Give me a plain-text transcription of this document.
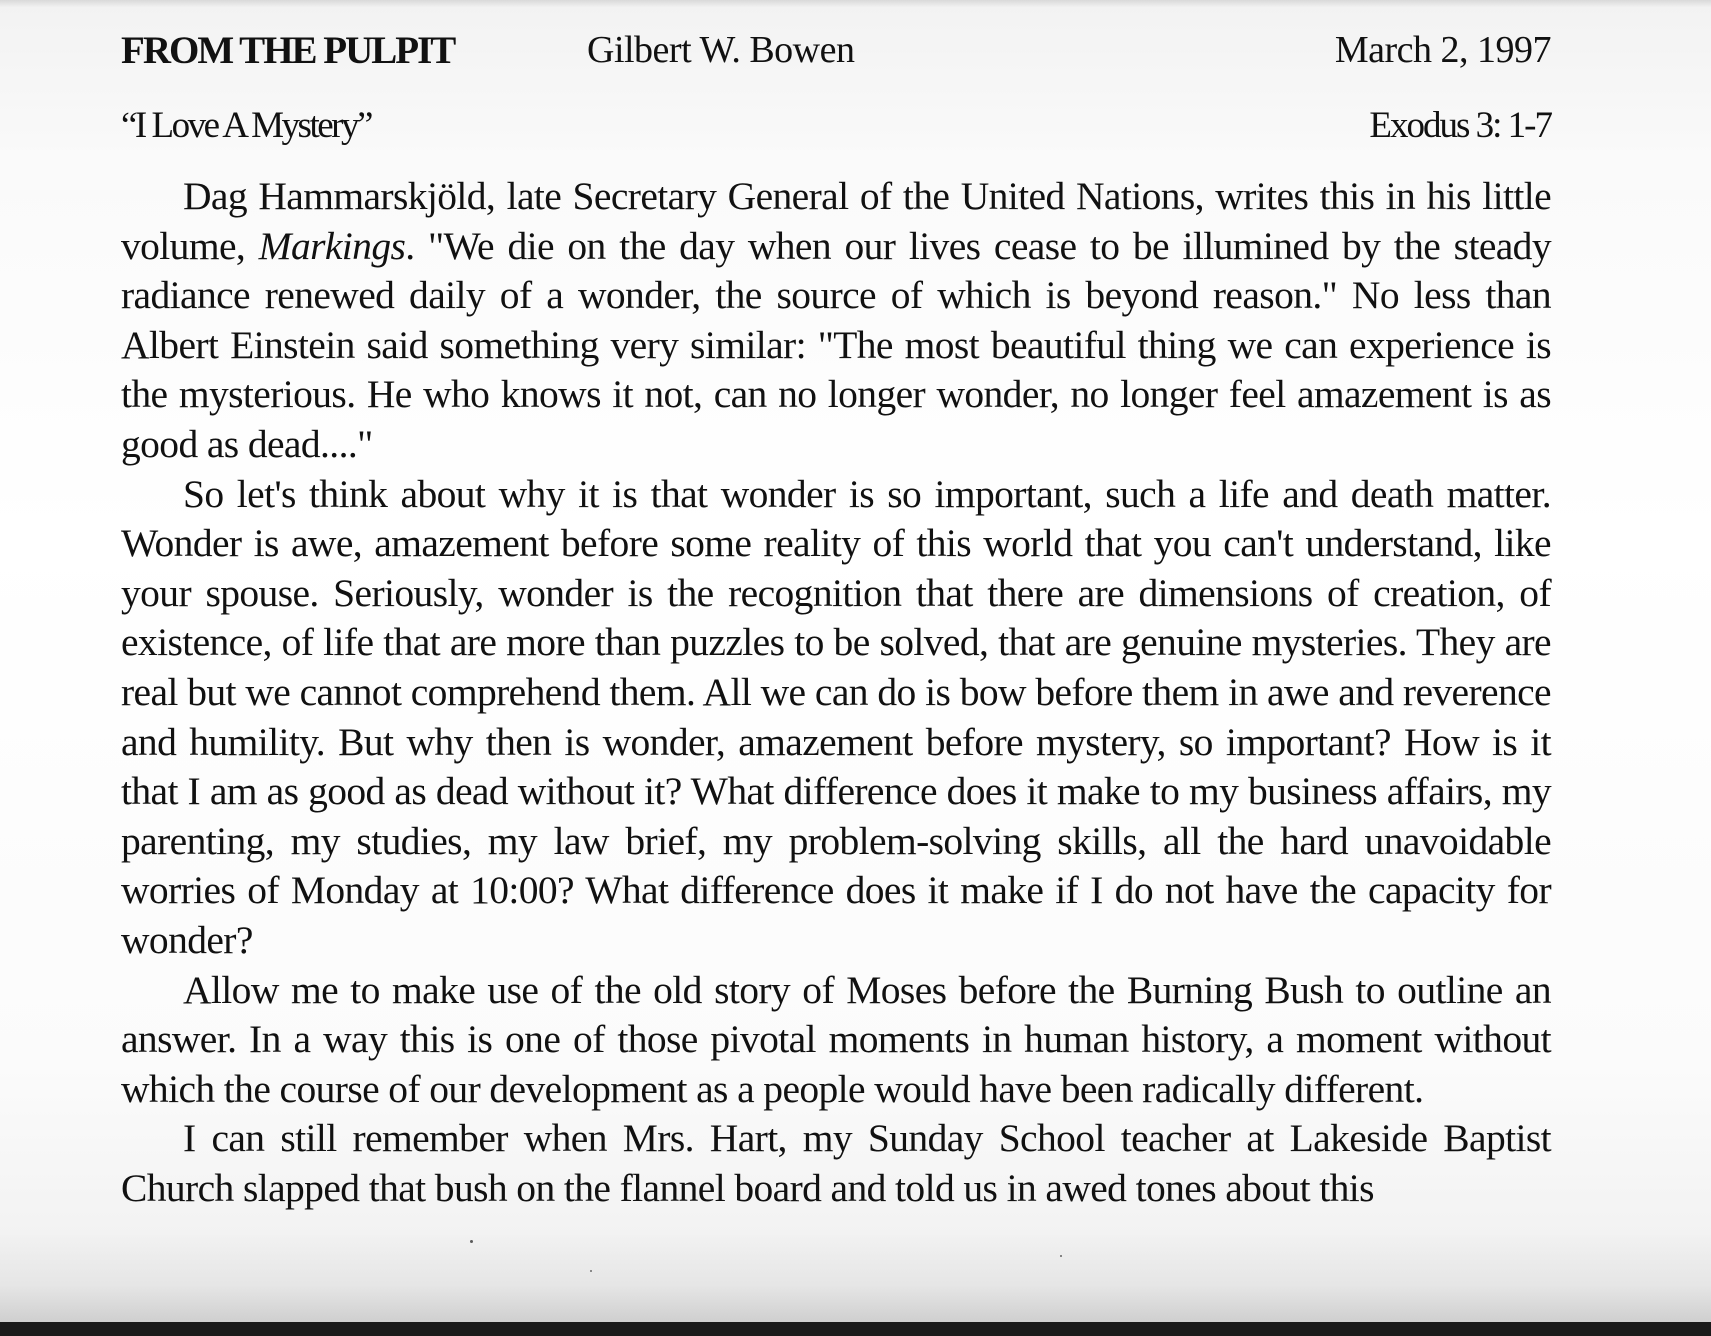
FROM THE PULPIT	Gilbert W. Bowen	March 2, 1997
“I Love A Mystery”	Exodus 3: 1-7

Dag Hammarskjöld, late Secretary General of the United Nations, writes this in his little volume, Markings. "We die on the day when our lives cease to be illumined by the steady radiance renewed daily of a wonder, the source of which is beyond reason." No less than Albert Einstein said something very similar: "The most beautiful thing we can experience is the mysterious. He who knows it not, can no longer wonder, no longer feel amazement is as good as dead...."

So let's think about why it is that wonder is so important, such a life and death matter. Wonder is awe, amazement before some reality of this world that you can't understand, like your spouse. Seriously, wonder is the recognition that there are dimensions of creation, of existence, of life that are more than puzzles to be solved, that are genuine mysteries. They are real but we cannot comprehend them. All we can do is bow before them in awe and reverence and humility. But why then is wonder, amazement before mystery, so important? How is it that I am as good as dead without it? What difference does it make to my business affairs, my parenting, my studies, my law brief, my problem-solving skills, all the hard unavoidable worries of Monday at 10:00? What difference does it make if I do not have the capacity for wonder?

Allow me to make use of the old story of Moses before the Burning Bush to outline an answer. In a way this is one of those pivotal moments in human history, a moment without which the course of our development as a people would have been radically different.

I can still remember when Mrs. Hart, my Sunday School teacher at Lakeside Baptist Church slapped that bush on the flannel board and told us in awed tones about this
